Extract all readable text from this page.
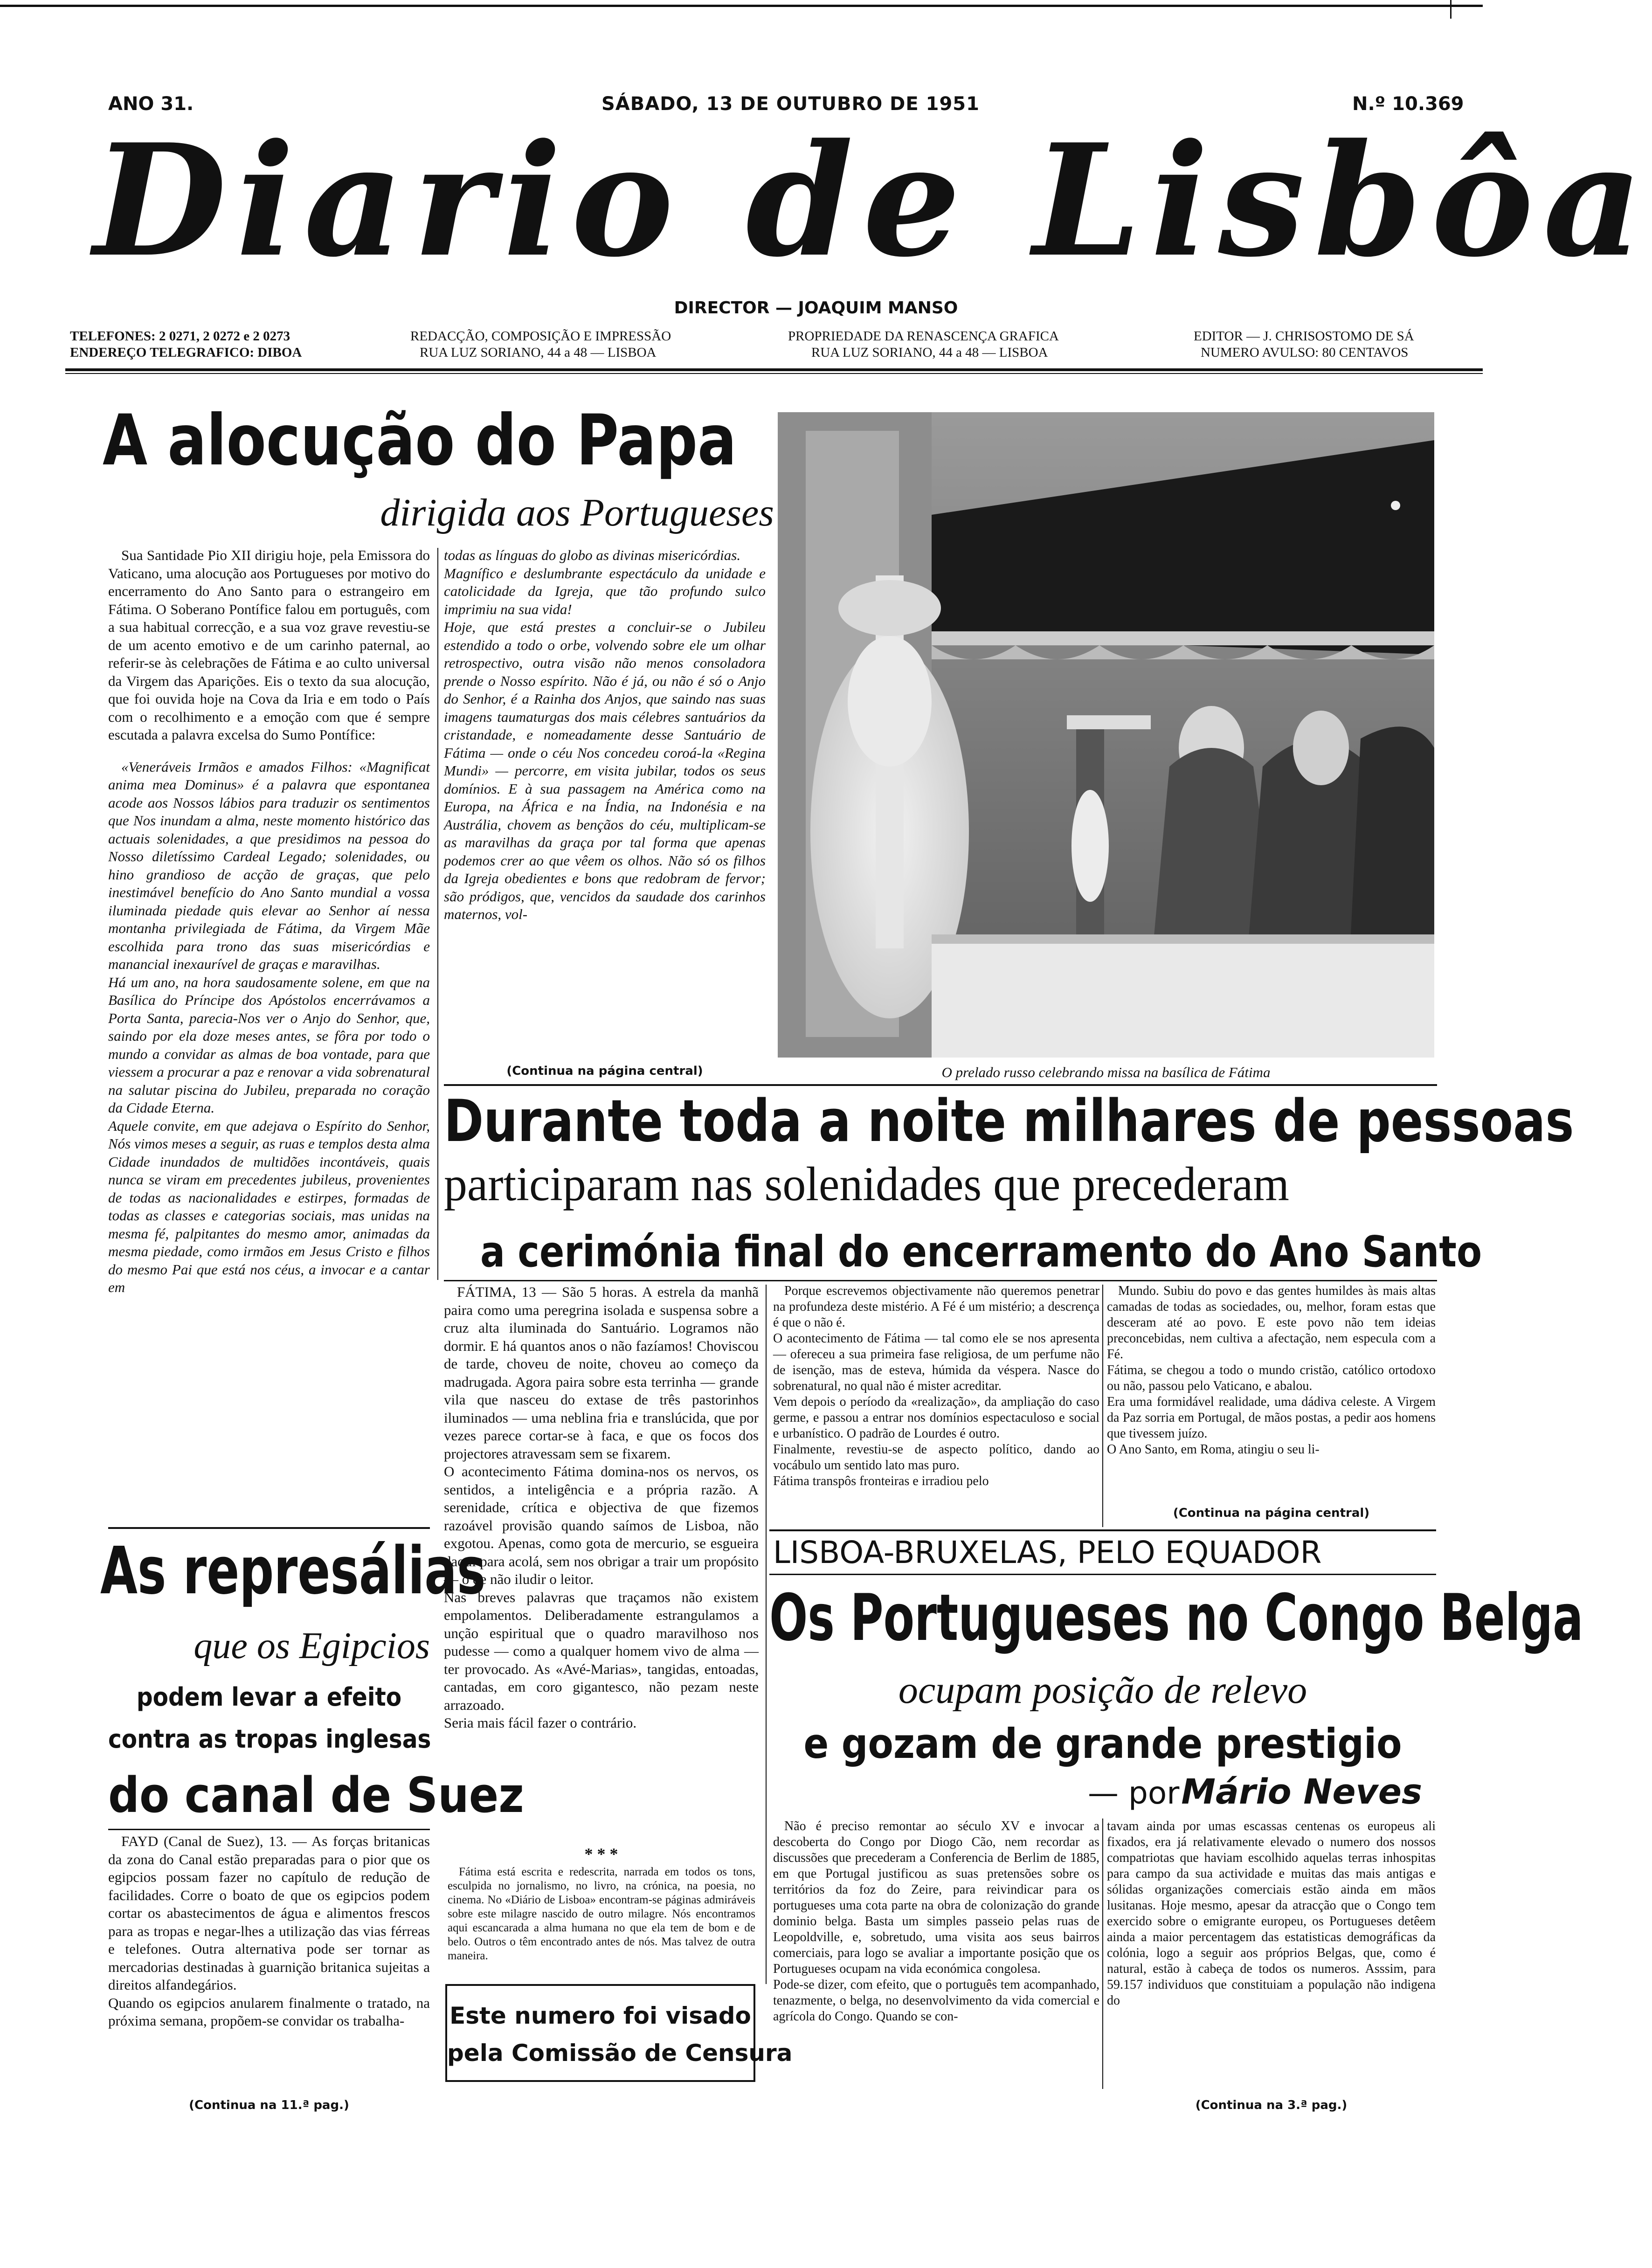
ANO 31.	SÁBADO, 13 DE OUTUBRO DE 1951	N.º 10.369
Diario de Lisbôa
DIRECTOR — JOAQUIM MANSO
TELEFONES: 2 0271, 2 0272 e 2 0273
ENDEREÇO TELEGRAFICO: DIBOA
REDACÇÃO, COMPOSIÇÃO E IMPRESSÃO
RUA LUZ SORIANO, 44 a 48 — LISBOA
PROPRIEDADE DA RENASCENÇA GRAFICA
RUA LUZ SORIANO, 44 a 48 — LISBOA
EDITOR — J. CHRISOSTOMO DE SÁ
NUMERO AVULSO: 80 CENTAVOS
A alocução do Papa
dirigida aos Portugueses

Sua Santidade Pio XII dirigiu hoje, pela Emissora do Vaticano, uma alocução aos Portugueses por motivo do encerramento do Ano Santo para o estrangeiro em Fátima. O Soberano Pontífice falou em português, com a sua habitual correcção, e a sua voz grave revestiu-se de um acento emotivo e de um carinho paternal, ao referir-se às celebrações de Fátima e ao culto universal da Virgem das Aparições. Eis o texto da sua alocução, que foi ouvida hoje na Cova da Iria e em todo o País com o recolhimento e a emoção com que é sempre escutada a palavra excelsa do Sumo Pontífice:

«Veneráveis Irmãos e amados Filhos: «Magnificat anima mea Dominus» é a palavra que espontanea acode aos Nossos lábios para traduzir os sentimentos que Nos inundam a alma, neste momento histórico das actuais solenidades, a que presidimos na pessoa do Nosso diletíssimo Cardeal Legado; solenidades, ou hino grandioso de acção de graças, que pelo inestimável benefício do Ano Santo mundial a vossa iluminada piedade quis elevar ao Senhor aí nessa montanha privilegiada de Fátima, da Virgem Mãe escolhida para trono das suas misericórdias e manancial inexaurível de graças e maravilhas.
Há um ano, na hora saudosamente solene, em que na Basílica do Príncipe dos Apóstolos encerrávamos a Porta Santa, parecia-Nos ver o Anjo do Senhor, que, saindo por ela doze meses antes, se fôra por todo o mundo a convidar as almas de boa vontade, para que viessem a procurar a paz e renovar a vida sobrenatural na salutar piscina do Jubileu, preparada no coração da Cidade Eterna.
Aquele convite, em que adejava o Espírito do Senhor, Nós vimos meses a seguir, as ruas e templos desta alma Cidade inundados de multidões incontáveis, quais nunca se viram em precedentes jubileus, provenientes de todas as nacionalidades e estirpes, formadas de todas as classes e categorias sociais, mas unidas na mesma fé, palpitantes do mesmo amor, animadas da mesma piedade, como irmãos em Jesus Cristo e filhos do mesmo Pai que está nos céus, a invocar e a cantar em

todas as línguas do globo as divinas misericórdias.
Magnífico e deslumbrante espectáculo da unidade e catolicidade da Igreja, que tão profundo sulco imprimiu na sua vida!
Hoje, que está prestes a concluir-se o Jubileu estendido a todo o orbe, volvendo sobre ele um olhar retrospectivo, outra visão não menos consoladora prende o Nosso espírito. Não é já, ou não é só o Anjo do Senhor, é a Rainha dos Anjos, que saindo nas suas imagens taumaturgas dos mais célebres santuários da cristandade, e nomeadamente desse Santuário de Fátima — onde o céu Nos concedeu coroá-la «Regina Mundi» — percorre, em visita jubilar, todos os seus domínios. E à sua passagem na América como na Europa, na África e na Índia, na Indonésia e na Austrália, chovem as bençãos do céu, multiplicam-se as maravilhas da graça por tal forma que apenas podemos crer ao que vêem os olhos. Não só os filhos da Igreja obedientes e bons que redobram de fervor; são pródigos, que, vencidos da saudade dos carinhos maternos, vol-

(Continua na página central)	O prelado russo celebrando missa na basílica de Fátima
Durante toda a noite milhares de pessoas
participaram nas solenidades que precederam
a cerimónia final do encerramento do Ano Santo

FÁTIMA, 13 — São 5 horas. A estrela da manhã paira como uma peregrina isolada e suspensa sobre a cruz alta iluminada do Santuário. Logramos não dormir. E há quantos anos o não fazíamos! Choviscou de tarde, choveu de noite, choveu ao começo da madrugada. Agora paira sobre esta terrinha — grande vila que nasceu do extase de três pastorinhos iluminados — uma neblina fria e translúcida, que por vezes parece cortar-se à faca, e que os focos dos projectores atravessam sem se fixarem.
O acontecimento Fátima domina-nos os nervos, os sentidos, a inteligência e a própria razão. A serenidade, crítica e objectiva de que fizemos razoável provisão quando saímos de Lisboa, não exgotou. Apenas, como gota de mercurio, se esgueira daqui para acolá, sem nos obrigar a trair um propósito — o de não iludir o leitor.
Nas breves palavras que traçamos não existem empolamentos. Deliberadamente estrangulamos a unção espiritual que o quadro maravilhoso nos pudesse — como a qualquer homem vivo de alma — ter provocado. As «Avé-Marias», tangidas, entoadas, cantadas, em coro gigantesco, não pezam neste arrazoado.
Seria mais fácil fazer o contrário.

* * *

Fátima está escrita e redescrita, narrada em todos os tons, esculpida no jornalismo, no livro, na crónica, na poesia, no cinema. No «Diário de Lisboa» encontram-se páginas admiráveis sobre este milagre nascido de outro milagre. Nós encontramos aqui escancarada a alma humana no que ela tem de bom e de belo. Outros o têm encontrado antes de nós. Mas talvez de outra maneira.

Porque escrevemos objectivamente não queremos penetrar na profundeza deste mistério. A Fé é um mistério; a descrença é que o não é.
O acontecimento de Fátima — tal como ele se nos apresenta — ofereceu a sua primeira fase religiosa, de um perfume não de isenção, mas de esteva, húmida da véspera. Nasce do sobrenatural, no qual não é mister acreditar.
Vem depois o período da «realização», da ampliação do caso germe, e passou a entrar nos domínios espectaculoso e social e urbanístico. O padrão de Lourdes é outro.
Finalmente, revestiu-se de aspecto político, dando ao vocábulo um sentido lato mas puro.
Fátima transpôs fronteiras e irradiou pelo

Mundo. Subiu do povo e das gentes humildes às mais altas camadas de todas as sociedades, ou, melhor, foram estas que desceram até ao povo. E este povo não tem ideias preconcebidas, nem cultiva a afectação, nem especula com a Fé.
Fátima, se chegou a todo o mundo cristão, católico ortodoxo ou não, passou pelo Vaticano, e abalou.
Era uma formidável realidade, uma dádiva celeste. A Virgem da Paz sorria em Portugal, de mãos postas, a pedir aos homens que tivessem juízo.
O Ano Santo, em Roma, atingiu o seu li-

(Continua na página central)
Este numero foi visado
pela Comissão de Censura
As represálias
que os Egipcios
podem levar a efeito
contra as tropas inglesas
do canal de Suez

FAYD (Canal de Suez), 13. — As forças britanicas da zona do Canal estão preparadas para o pior que os egipcios possam fazer no capítulo de redução de facilidades. Corre o boato de que os egipcios podem cortar os abastecimentos de água e alimentos frescos para as tropas e negar-lhes a utilização das vias férreas e telefones. Outra alternativa pode ser tornar as mercadorias destinadas à guarnição britanica sujeitas a direitos alfandegários.
Quando os egipcios anularem finalmente o tratado, na próxima semana, propõem-se convidar os trabalha-

(Continua na 11.ª pag.)
LISBOA-BRUXELAS, PELO EQUADOR
Os Portugueses no Congo Belga
ocupam posição de relevo
e gozam de grande prestigio
— por Mário Neves

Não é preciso remontar ao século XV e invocar a descoberta do Congo por Diogo Cão, nem recordar as discussões que precederam a Conferencia de Berlim de 1885, em que Portugal justificou as suas pretensões sobre os territórios da foz do Zeire, para reivindicar para os portugueses uma cota parte na obra de colonização do grande dominio belga. Basta um simples passeio pelas ruas de Leopoldville, e, sobretudo, uma visita aos seus bairros comerciais, para logo se avaliar a importante posição que os Portugueses ocupam na vida económica congolesa.
Pode-se dizer, com efeito, que o português tem acompanhado, tenazmente, o belga, no desenvolvimento da vida comercial e agrícola do Congo. Quando se con-

tavam ainda por umas escassas centenas os europeus ali fixados, era já relativamente elevado o numero dos nossos compatriotas que haviam escolhido aquelas terras inhospitas para campo da sua actividade e muitas das mais antigas e sólidas organizações comerciais estão ainda em mãos lusitanas. Hoje mesmo, apesar da atracção que o Congo tem exercido sobre o emigrante europeu, os Portugueses detêem ainda a maior percentagem das estatisticas demográficas da colónia, logo a seguir aos próprios Belgas, que, como é natural, estão à cabeça de todos os numeros. Asssim, para 59.157 individuos que constituiam a população não indigena do

(Continua na 3.ª pag.)
